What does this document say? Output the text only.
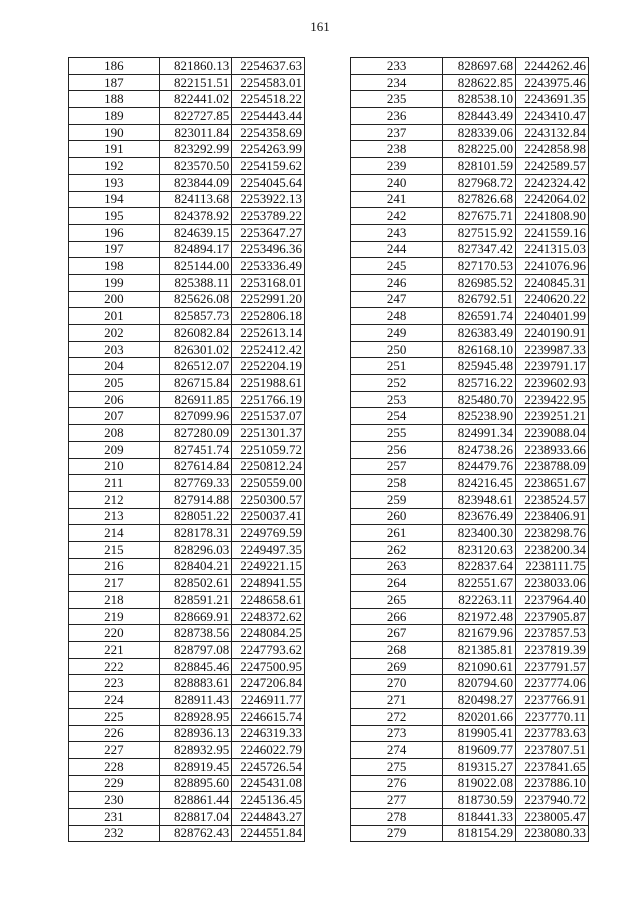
161
186	821860.13	2254637.63
187	822151.51	2254583.01
188	822441.02	2254518.22
189	822727.85	2254443.44
190	823011.84	2254358.69
191	823292.99	2254263.99
192	823570.50	2254159.62
193	823844.09	2254045.64
194	824113.68	2253922.13
195	824378.92	2253789.22
196	824639.15	2253647.27
197	824894.17	2253496.36
198	825144.00	2253336.49
199	825388.11	2253168.01
200	825626.08	2252991.20
201	825857.73	2252806.18
202	826082.84	2252613.14
203	826301.02	2252412.42
204	826512.07	2252204.19
205	826715.84	2251988.61
206	826911.85	2251766.19
207	827099.96	2251537.07
208	827280.09	2251301.37
209	827451.74	2251059.72
210	827614.84	2250812.24
211	827769.33	2250559.00
212	827914.88	2250300.57
213	828051.22	2250037.41
214	828178.31	2249769.59
215	828296.03	2249497.35
216	828404.21	2249221.15
217	828502.61	2248941.55
218	828591.21	2248658.61
219	828669.91	2248372.62
220	828738.56	2248084.25
221	828797.08	2247793.62
222	828845.46	2247500.95
223	828883.61	2247206.84
224	828911.43	2246911.77
225	828928.95	2246615.74
226	828936.13	2246319.33
227	828932.95	2246022.79
228	828919.45	2245726.54
229	828895.60	2245431.08
230	828861.44	2245136.45
231	828817.04	2244843.27
232	828762.43	2244551.84
233	828697.68	2244262.46
234	828622.85	2243975.46
235	828538.10	2243691.35
236	828443.49	2243410.47
237	828339.06	2243132.84
238	828225.00	2242858.98
239	828101.59	2242589.57
240	827968.72	2242324.42
241	827826.68	2242064.02
242	827675.71	2241808.90
243	827515.92	2241559.16
244	827347.42	2241315.03
245	827170.53	2241076.96
246	826985.52	2240845.31
247	826792.51	2240620.22
248	826591.74	2240401.99
249	826383.49	2240190.91
250	826168.10	2239987.33
251	825945.48	2239791.17
252	825716.22	2239602.93
253	825480.70	2239422.95
254	825238.90	2239251.21
255	824991.34	2239088.04
256	824738.26	2238933.66
257	824479.76	2238788.09
258	824216.45	2238651.67
259	823948.61	2238524.57
260	823676.49	2238406.91
261	823400.30	2238298.76
262	823120.63	2238200.34
263	822837.64	2238111.75
264	822551.67	2238033.06
265	822263.11	2237964.40
266	821972.48	2237905.87
267	821679.96	2237857.53
268	821385.81	2237819.39
269	821090.61	2237791.57
270	820794.60	2237774.06
271	820498.27	2237766.91
272	820201.66	2237770.11
273	819905.41	2237783.63
274	819609.77	2237807.51
275	819315.27	2237841.65
276	819022.08	2237886.10
277	818730.59	2237940.72
278	818441.33	2238005.47
279	818154.29	2238080.33
